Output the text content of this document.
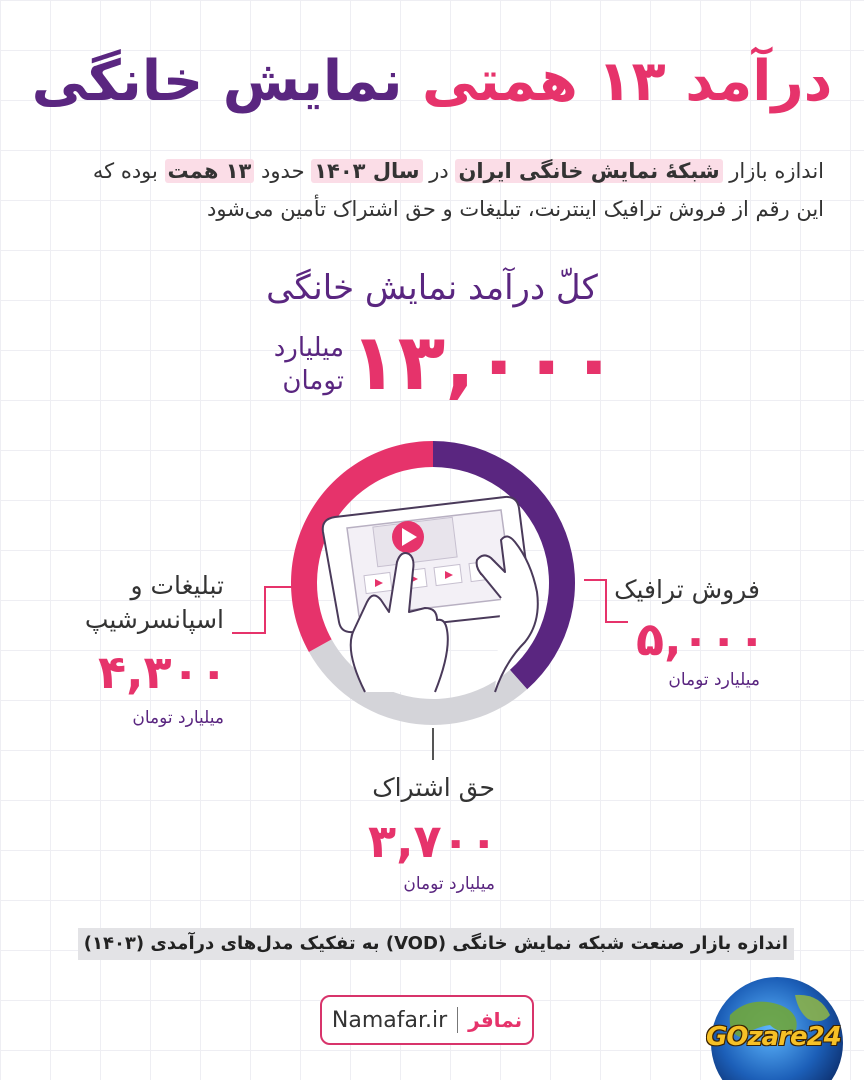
درآمد ۱۳ همتی نمایش خانگی
اندازه بازار شبکهٔ نمایش خانگی ایران در سال ۱۴۰۳ حدود ۱۳ همت بوده که
این رقم از فروش ترافیک اینترنت، تبلیغات و حق اشتراک تأمین می‌شود
کلّ درآمد نمایش خانگی
۱۳,۰۰۰
میلیارد
تومان
تبلیغات و
اسپانسرشیپ
۴,۳۰۰
میلیارد تومان
فروش ترافیک
۵,۰۰۰
میلیارد تومان
حق اشتراک
۳,۷۰۰
میلیارد تومان
اندازه بازار صنعت شبکه نمایش خانگی (VOD) به تفکیک مدل‌های درآمدی (۱۴۰۳)
Namafar.ir نمافر
GOzare24
